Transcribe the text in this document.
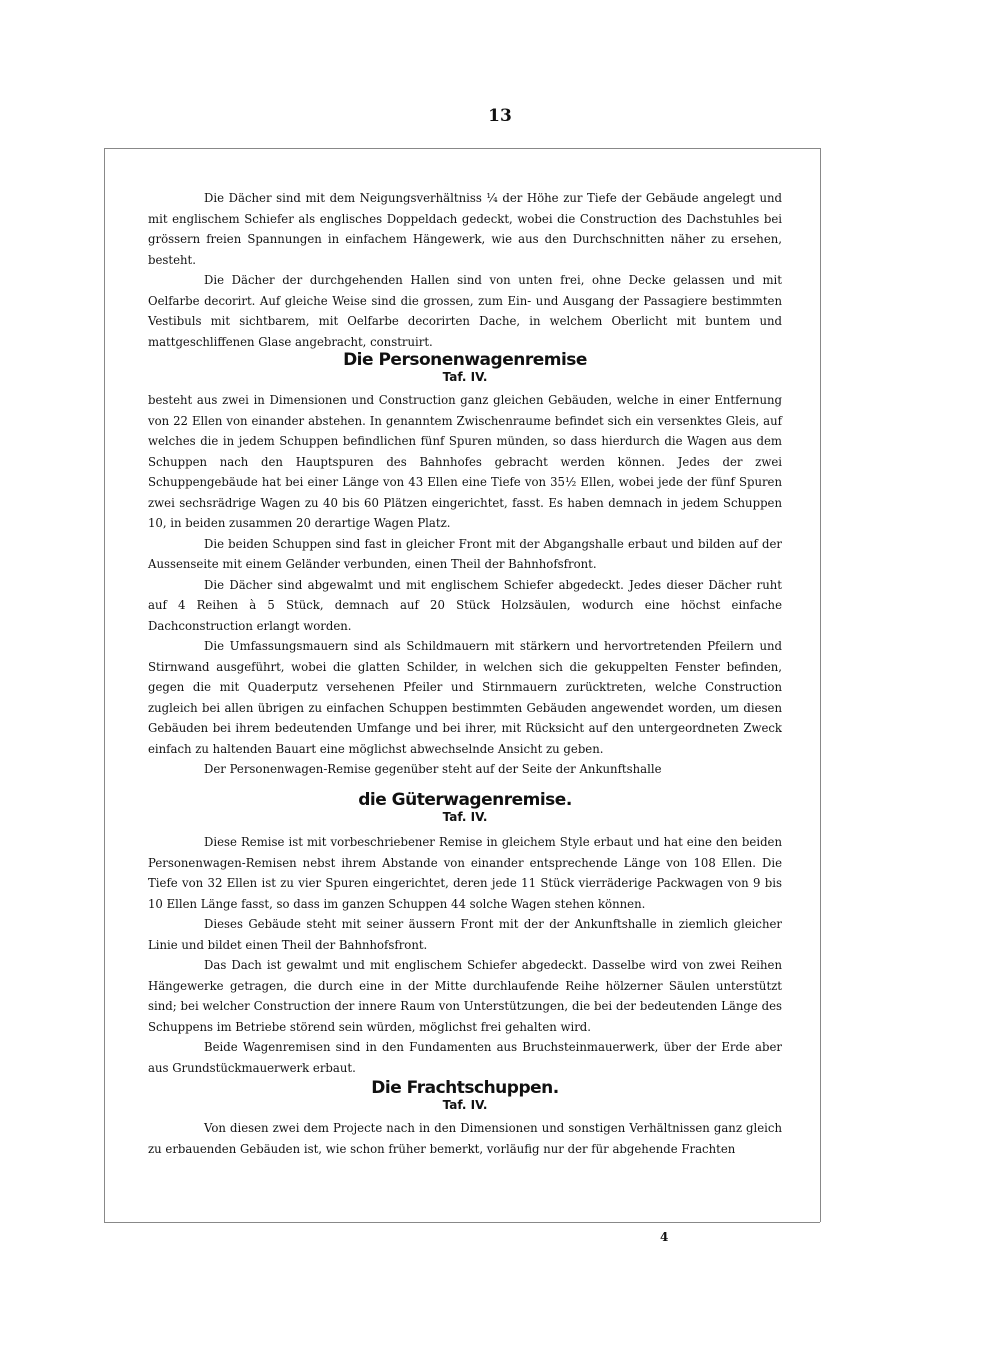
13

Die Dächer sind mit dem Neigungsverhältniss ¼ der Höhe zur Tiefe der Gebäude angelegt und mit englischem Schiefer als englisches Doppeldach gedeckt, wobei die Construction des Dachstuhles bei grössern freien Spannungen in einfachem Hängewerk, wie aus den Durchschnitten näher zu ersehen, besteht.

Die Dächer der durchgehenden Hallen sind von unten frei, ohne Decke gelassen und mit Oelfarbe decorirt. Auf gleiche Weise sind die grossen, zum Ein- und Ausgang der Passagiere bestimmten Vestibuls mit sichtbarem, mit Oelfarbe decorirten Dache, in welchem Oberlicht mit buntem und mattgeschliffenen Glase angebracht, construirt.

Die Personenwagenremise

Taf. IV.

besteht aus zwei in Dimensionen und Construction ganz gleichen Gebäuden, welche in einer Entfernung von 22 Ellen von einander abstehen. In genanntem Zwischenraume befindet sich ein versenktes Gleis, auf welches die in jedem Schuppen befindlichen fünf Spuren münden, so dass hierdurch die Wagen aus dem Schuppen nach den Hauptspuren des Bahnhofes gebracht werden können. Jedes der zwei Schuppengebäude hat bei einer Länge von 43 Ellen eine Tiefe von 35½ Ellen, wobei jede der fünf Spuren zwei sechsrädrige Wagen zu 40 bis 60 Plätzen eingerichtet, fasst. Es haben demnach in jedem Schuppen 10, in beiden zusammen 20 derartige Wagen Platz.

Die beiden Schuppen sind fast in gleicher Front mit der Abgangshalle erbaut und bilden auf der Aussenseite mit einem Geländer verbunden, einen Theil der Bahnhofsfront.

Die Dächer sind abgewalmt und mit englischem Schiefer abgedeckt. Jedes dieser Dächer ruht auf 4 Reihen à 5 Stück, demnach auf 20 Stück Holzsäulen, wodurch eine höchst einfache Dachconstruction erlangt worden.

Die Umfassungsmauern sind als Schildmauern mit stärkern und hervortretenden Pfeilern und Stirnwand ausgeführt, wobei die glatten Schilder, in welchen sich die gekuppelten Fenster befinden, gegen die mit Quaderputz versehenen Pfeiler und Stirnmauern zurücktreten, welche Construction zugleich bei allen übrigen zu einfachen Schuppen bestimmten Gebäuden angewendet worden, um diesen Gebäuden bei ihrem bedeutenden Umfange und bei ihrer, mit Rücksicht auf den untergeordneten Zweck einfach zu haltenden Bauart eine möglichst abwechselnde Ansicht zu geben.

Der Personenwagen-Remise gegenüber steht auf der Seite der Ankunftshalle

die Güterwagenremise.

Taf. IV.

Diese Remise ist mit vorbeschriebener Remise in gleichem Style erbaut und hat eine den beiden Personenwagen-Remisen nebst ihrem Abstande von einander entsprechende Länge von 108 Ellen. Die Tiefe von 32 Ellen ist zu vier Spuren eingerichtet, deren jede 11 Stück vierräderige Packwagen von 9 bis 10 Ellen Länge fasst, so dass im ganzen Schuppen 44 solche Wagen stehen können.

Dieses Gebäude steht mit seiner äussern Front mit der der Ankunftshalle in ziemlich gleicher Linie und bildet einen Theil der Bahnhofsfront.

Das Dach ist gewalmt und mit englischem Schiefer abgedeckt. Dasselbe wird von zwei Reihen Hängewerke getragen, die durch eine in der Mitte durchlaufende Reihe hölzerner Säulen unterstützt sind; bei welcher Construction der innere Raum von Unterstützungen, die bei der bedeutenden Länge des Schuppens im Betriebe störend sein würden, möglichst frei gehalten wird.

Beide Wagenremisen sind in den Fundamenten aus Bruchsteinmauerwerk, über der Erde aber aus Grundstückmauerwerk erbaut.

Die Frachtschuppen.

Taf. IV.

Von diesen zwei dem Projecte nach in den Dimensionen und sonstigen Verhältnissen ganz gleich zu erbauenden Gebäuden ist, wie schon früher bemerkt, vorläufig nur der für abgehende Frachten

4
